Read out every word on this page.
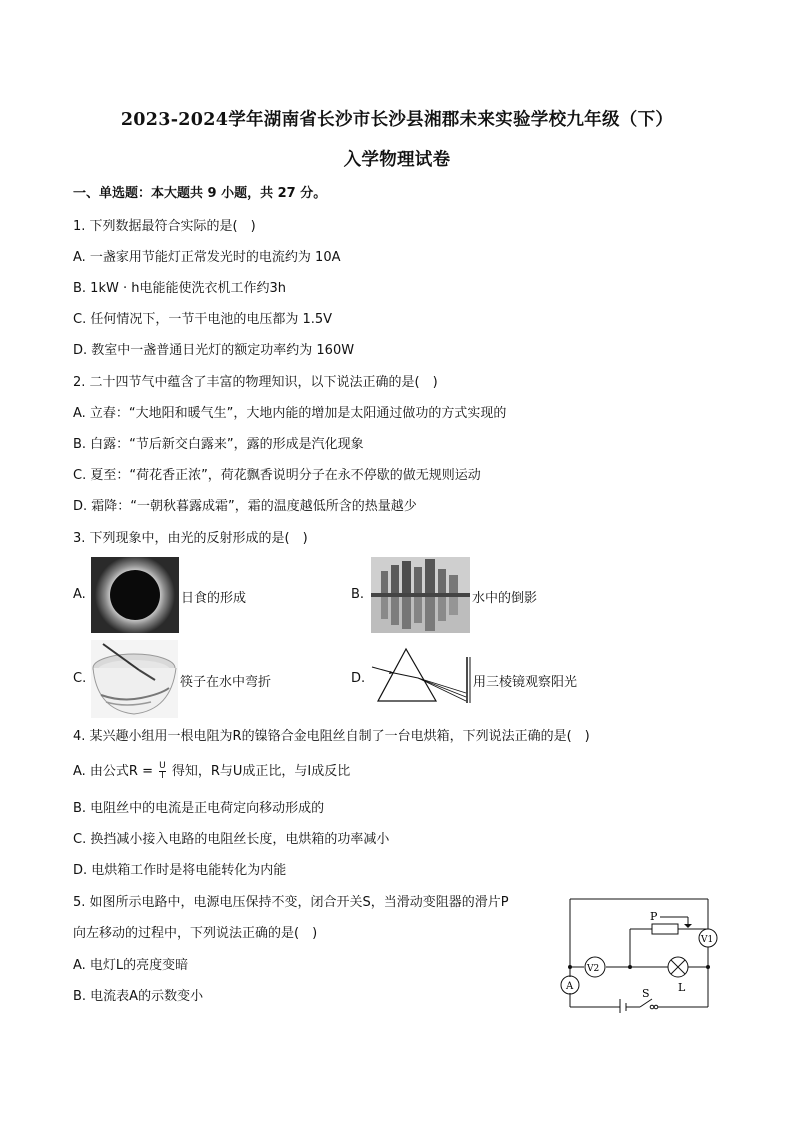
2023-2024学年湖南省长沙市长沙县湘郡未来实验学校九年级（下）
入学物理试卷
一、单选题：本大题共 9 小题，共 27 分。
1. 下列数据最符合实际的是(　)
A. 一盏家用节能灯正常发光时的电流约为 10A
B. 1kW · h电能能使洗衣机工作约3h
C. 任何情况下，一节干电池的电压都为 1.5V
D. 教室中一盏普通日光灯的额定功率约为 160W
2. 二十四节气中蕴含了丰富的物理知识，以下说法正确的是(　)
A. 立春：“大地阳和暖气生”，大地内能的增加是太阳通过做功的方式实现的
B. 白露：“节后新交白露来”，露的形成是汽化现象
C. 夏至：“荷花香正浓”，荷花飘香说明分子在永不停歇的做无规则运动
D. 霜降：“一朝秋暮露成霜”，霜的温度越低所含的热量越少
3. 下列现象中，由光的反射形成的是(　)
A.	日食的形成	B.	水中的倒影
C.	筷子在水中弯折	D.	用三棱镜观察阳光
4. 某兴趣小组用一根电阻为R的镍铬合金电阻丝自制了一台电烘箱，下列说法正确的是(　)
A. 由公式$R = \frac{U}{I}$ 得知，R与U成正比，与I成反比
B. 电阻丝中的电流是正电荷定向移动形成的
C. 换挡减小接入电路的电阻丝长度，电烘箱的功率减小
D. 电烘箱工作时是将电能转化为内能
5. 如图所示电路中，电源电压保持不变，闭合开关S，当滑动变阻器的滑片P
向左移动的过程中，下列说法正确的是(　)
A. 电灯L的亮度变暗
B. 电流表A的示数变小
P
V1
V2
A
S	L
